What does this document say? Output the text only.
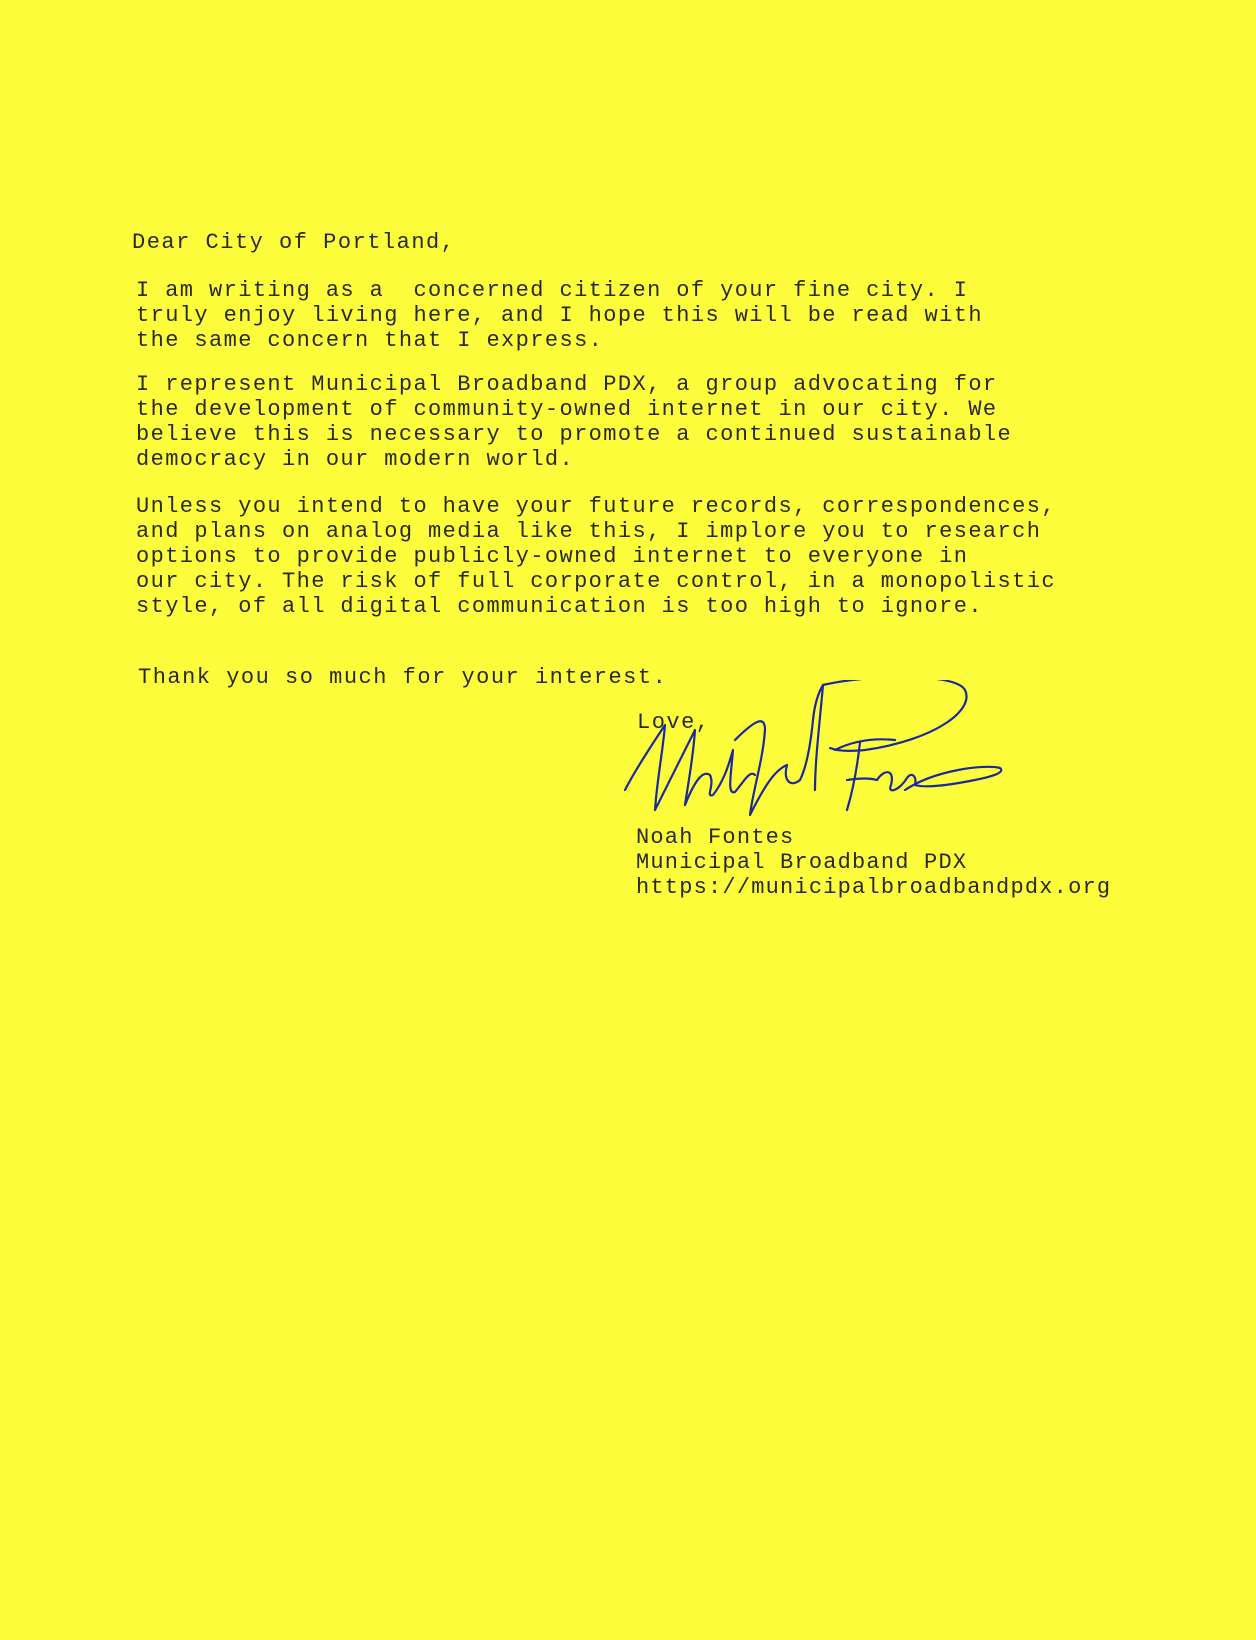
Dear City of Portland,
I am writing as a  concerned citizen of your fine city. I
truly enjoy living here, and I hope this will be read with
the same concern that I express.
I represent Municipal Broadband PDX, a group advocating for
the development of community-owned internet in our city. We
believe this is necessary to promote a continued sustainable
democracy in our modern world.
Unless you intend to have your future records, correspondences,
and plans on analog media like this, I implore you to research
options to provide publicly-owned internet to everyone in
our city. The risk of full corporate control, in a monopolistic
style, of all digital communication is too high to ignore.
Thank you so much for your interest.
Love,
Noah Fontes
Municipal Broadband PDX
https://municipalbroadbandpdx.org
